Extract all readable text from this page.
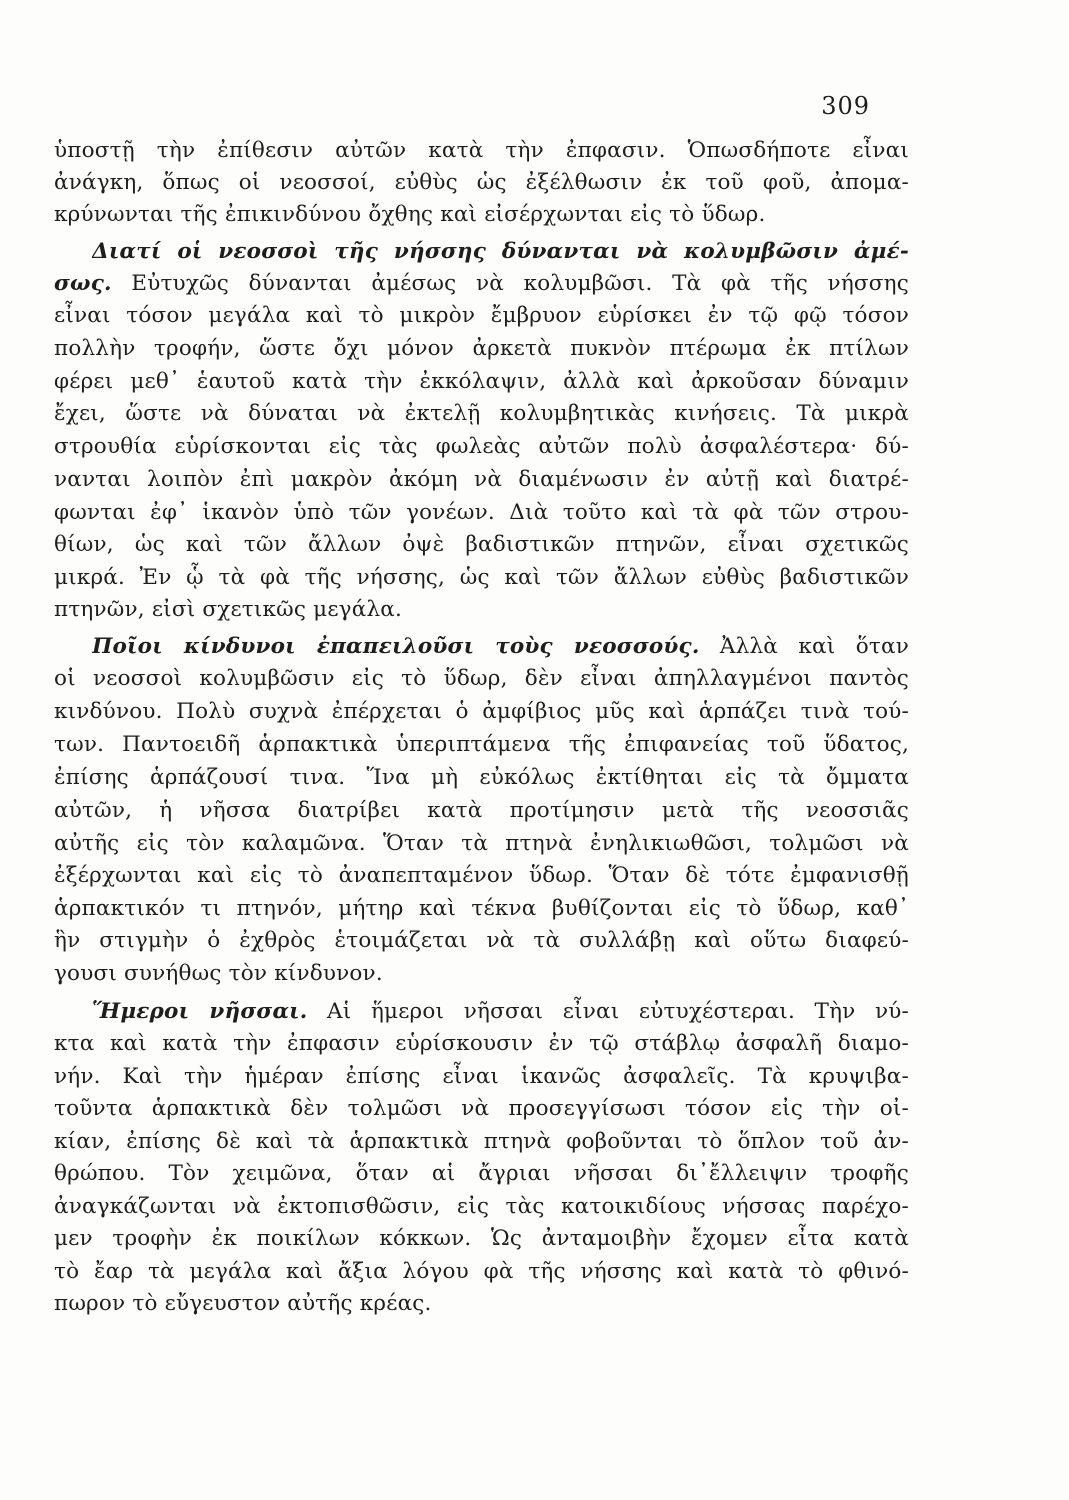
309
ὑποστῇ τὴν ἐπίθεσιν αὐτῶν κατὰ τὴν ἐπφασιν. Ὁπωσδήποτε εἶναι
ἀνάγκη, ὅπως οἱ νεοσσοί, εὐθὺς ὡς ἐξέλθωσιν ἐκ τοῦ φοῦ, ἀπομα-
κρύνωνται τῆς ἐπικινδύνου ὄχθης καὶ εἰσέρχωνται εἰς τὸ ὕδωρ.
Διατί οἱ νεοσσοὶ τῆς νήσσης δύνανται νὰ κολυμβῶσιν ἀμέ-
σως. Εὐτυχῶς δύνανται ἀμέσως νὰ κολυμβῶσι. Τὰ φὰ τῆς νήσσης
εἶναι τόσον μεγάλα καὶ τὸ μικρὸν ἔμβρυον εὑρίσκει ἐν τῷ φῷ τόσον
πολλὴν τροφήν, ὥστε ὄχι μόνον ἀρκετὰ πυκνὸν πτέρωμα ἐκ πτίλων
φέρει μεθ᾽ ἑαυτοῦ κατὰ τὴν ἐκκόλαψιν, ἀλλὰ καὶ ἀρκοῦσαν δύναμιν
ἔχει, ὥστε νὰ δύναται νὰ ἐκτελῇ κολυμβητικὰς κινήσεις. Τὰ μικρὰ
στρουθία εὑρίσκονται εἰς τὰς φωλεὰς αὐτῶν πολὺ ἀσφαλέστερα· δύ-
νανται λοιπὸν ἐπὶ μακρὸν ἀκόμη νὰ διαμένωσιν ἐν αὐτῇ καὶ διατρέ-
φωνται ἐφ᾽ ἱκανὸν ὑπὸ τῶν γονέων. Διὰ τοῦτο καὶ τὰ φὰ τῶν στρου-
θίων, ὡς καὶ τῶν ἄλλων ὀψὲ βαδιστικῶν πτηνῶν, εἶναι σχετικῶς
μικρά. Ἐν ᾧ τὰ φὰ τῆς νήσσης, ὡς καὶ τῶν ἄλλων εὐθὺς βαδιστικῶν
πτηνῶν, εἰσὶ σχετικῶς μεγάλα.
Ποῖοι κίνδυνοι ἐπαπειλοῦσι τοὺς νεοσσούς. Ἀλλὰ καὶ ὅταν
οἱ νεοσσοὶ κολυμβῶσιν εἰς τὸ ὕδωρ, δὲν εἶναι ἀπηλλαγμένοι παντὸς
κινδύνου. Πολὺ συχνὰ ἐπέρχεται ὁ ἀμφίβιος μῦς καὶ ἁρπάζει τινὰ τού-
των. Παντοειδῆ ἁρπακτικὰ ὑπεριπτάμενα τῆς ἐπιφανείας τοῦ ὕδατος,
ἐπίσης ἁρπάζουσί τινα. Ἵνα μὴ εὐκόλως ἐκτίθηται εἰς τὰ ὄμματα
αὐτῶν, ἡ νῆσσα διατρίβει κατὰ προτίμησιν μετὰ τῆς νεοσσιᾶς
αὐτῆς εἰς τὸν καλαμῶνα. Ὅταν τὰ πτηνὰ ἐνηλικιωθῶσι, τολμῶσι νὰ
ἐξέρχωνται καὶ εἰς τὸ ἀναπεπταμένον ὕδωρ. Ὅταν δὲ τότε ἐμφανισθῇ
ἁρπακτικόν τι πτηνόν, μήτηρ καὶ τέκνα βυθίζονται εἰς τὸ ὕδωρ, καθ᾽
ἣν στιγμὴν ὁ ἐχθρὸς ἑτοιμάζεται νὰ τὰ συλλάβῃ καὶ οὕτω διαφεύ-
γουσι συνήθως τὸν κίνδυνον.
Ἥμεροι νῆσσαι. Αἱ ἥμεροι νῆσσαι εἶναι εὐτυχέστεραι. Τὴν νύ-
κτα καὶ κατὰ τὴν ἐπφασιν εὑρίσκουσιν ἐν τῷ στάβλῳ ἀσφαλῆ διαμο-
νήν. Καὶ τὴν ἡμέραν ἐπίσης εἶναι ἱκανῶς ἀσφαλεῖς. Τὰ κρυψιβα-
τοῦντα ἁρπακτικὰ δὲν τολμῶσι νὰ προσεγγίσωσι τόσον εἰς τὴν οἰ-
κίαν, ἐπίσης δὲ καὶ τὰ ἁρπακτικὰ πτηνὰ φοβοῦνται τὸ ὅπλον τοῦ ἀν-
θρώπου. Τὸν χειμῶνα, ὅταν αἱ ἄγριαι νῆσσαι δι᾽ἔλλειψιν τροφῆς
ἀναγκάζωνται νὰ ἐκτοπισθῶσιν, εἰς τὰς κατοικιδίους νήσσας παρέχο-
μεν τροφὴν ἐκ ποικίλων κόκκων. Ὡς ἀνταμοιβὴν ἔχομεν εἶτα κατὰ
τὸ ἔαρ τὰ μεγάλα καὶ ἄξια λόγου φὰ τῆς νήσσης καὶ κατὰ τὸ φθινό-
πωρον τὸ εὔγευστον αὐτῆς κρέας.
